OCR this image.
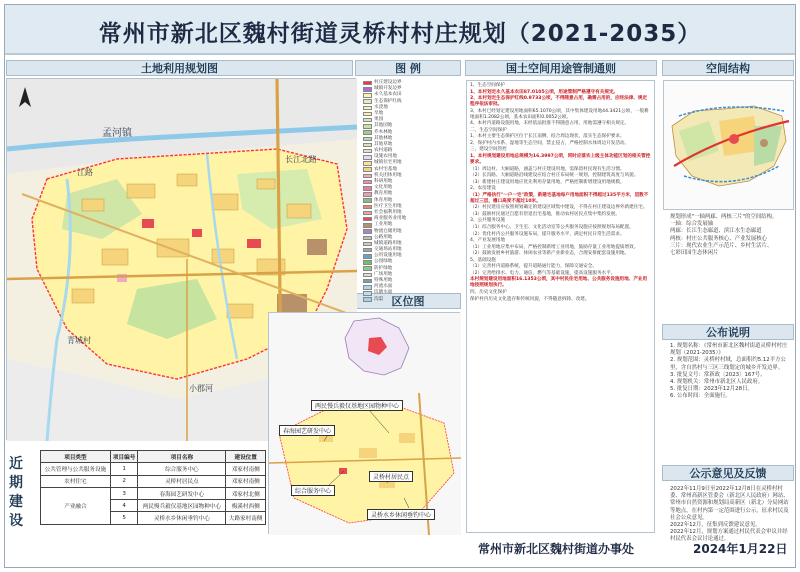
常州市新北区魏村街道灵桥村村庄规划（2021-2035）
土地利用规划图	图 例	国土空间用途管制通则	空间结构
区位图
公布说明
公示意见及反馈
孟河镇
江路
长江北路
青城村
小郡河
村庄建设边界
城镇开发边界
永久基本农田
生态保护红线
水浇地
旱地
果园
其他园地
乔木林地
其他林地
其他草地
农村道路
设施农用地
城镇住宅用地
农村宅基地
机关团体用地
科研用地
文化用地
教育用地
体育用地
医疗卫生用地
社会福利用地
商业服务业用地
工业用地
物流仓储用地
公路用地
城镇道路用地
交通场站用地
公用设施用地
公园绿地
防护绿地
广场用地
特殊用地
河流水面
坑塘水面
沟渠
两民慢兵毅仅基地区园物种中心
春海园艺研发中心
综合服务中心
灵桥村居民点
灵桥水乡休闲垂钓中心
近期建设
项目类型	项目编号	项目名称	建设位置
公共管理与公共服务设施	1	综合服务中心	邓家村南侧
农村住宅	2	灵桥村居民点	邓家村南侧
产业融合	3	春海园艺研发中心	邓家村北侧
	4	两民慢兵毅仅基地区园物种中心	梅溪村西侧
	5	灵桥水乡休闲垂钓中心	大路家村南侧

1、生态空间保护

1、本村划定永久基本农田87.0105公顷，用途管制严格遵守有关规定。

2、本村划定生态保护红线0.9733公顷，不得随意占用，确需占用的，应经法律、规定程序依法审批。

3、本村已经划定建设用地面积65.1070公顷，其中集体建设用地44.3421公顷，一般耕地面积1.2082公顷，基本农田面积0.0052公顷。

4、本村内道路设施用地，未经依法批准不得随意占用，用地需遵守相关规定。

二、生态空间保护

1、本村主要生态保护区位于长江南侧，结合周边现状，落实生态保护要求。

2、保护村内水系、湿地等生态空间，禁止侵占，严格控制水体周边开发活动。

三、建设空间管控

1、本村规划建设用地总规模为16.3997公顷，同时应落实上级主体功能区划的相关管控要求。

（1）周边村、大厢道路，涵盖与村庄建设用地，需保留村民现有生活习惯。

（2）长沟路、大厢道路沿线建设应结合村庄布局统一规划，控制建筑高度与风貌。

（3）新建村庄建设用地应优先利用存量用地，严格控制新增建设用地规模。

2、农房建设

（1）严格执行"一户一宅"政策，新建宅基地每户用地面积不得超过135平方米，层数不超过三层，檐口高度不超过10米。

（2）村民建房应按照规划确定的建设区域集中建设，不得在村庄建设边界外新建住宅。

（3）鼓励村民通过自愿有偿退出宅基地，推动农村居民点集中集约发展。

3、公共服务设施

（1）综合服务中心、卫生室、文化活动室等公共服务设施应按照规划布局配置。

（2）优化村内公共服务设施布局，提升服务水平，满足村民日常生活需求。

4、产业发展用地

（1）工业用地应集中布局，严格控制新增工业用地，鼓励存量工业用地提质增效。

（2）鼓励发展乡村旅游、休闲农业等新产业新业态，合理安排配套设施用地。

5、基础设施

（1）完善村内道路系统，提升道路通行能力，保障交通安全。

（2）完善给排水、电力、通信、燃气等基础设施，提高设施服务水平。

本村规划建设用地面积16.1353公顷，其中村民住宅用地、公共服务设施用地、产业用地按照规划执行。

四、历史文化保护

保护村内历史文化遗存和传统风貌，不得随意拆除、改建。

规划形成"一轴两廊、两核三片"的空间结构。

一轴：综合发展轴

两廊：长江生态廊道、滨江水生态廊道

两核：村庄公共服务核心、产业发展核心

三片：现代农业生产示范片、乡村生活片、

七彩田园生态休闲片

1. 规划名称：《常州市新北区魏村街道灵桥村村庄规划（2021-2035）》

2. 规划范围：灵桥村村域，总面积约5.12平方公里，含自然村与三区三线划定的城乡开发边界。

3. 批复文号：常新政〔2023〕167号。

4. 规划机关：常州市新北区人民政府。

5. 批复日期：2023年12月28日。

6. 公布时间：全面施行。

2022年11月9日至2022年12月8日在灵桥村村委、常州高新区管委会（新北区人民政府）网站、常州市自然资源和规划局高新区（新北）分局网站等地点，在村内第一定范围进行公示，征求村民及社会公众意见。

2022年12月，征集到反馈建议意见。

2022年12月，规划方案通过村民代表会审议并经村民代表会议讨论通过。

常州市新北区魏村街道办事处	2024年1月22日
